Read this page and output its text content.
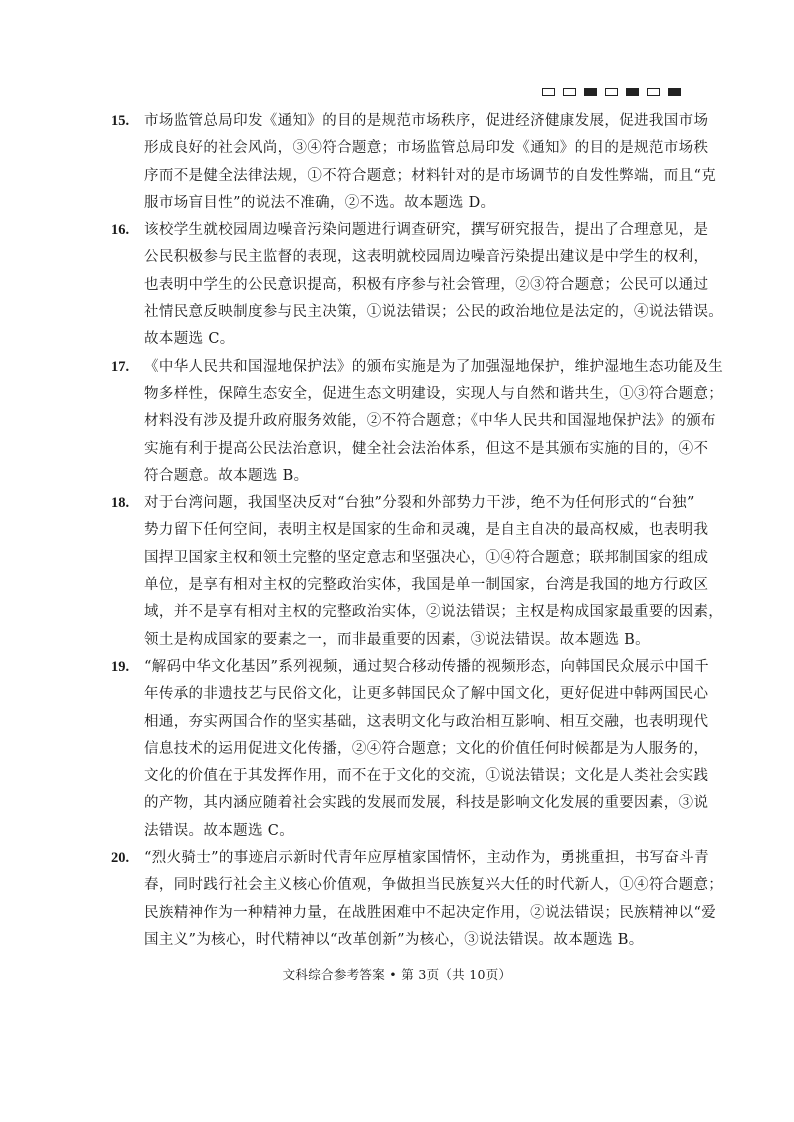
15.	市场监管总局印发《通知》的目的是规范市场秩序，促进经济健康发展，促进我国市场
形成良好的社会风尚，③④符合题意；市场监管总局印发《通知》的目的是规范市场秩
序而不是健全法律法规，①不符合题意；材料针对的是市场调节的自发性弊端，而且“克
服市场盲目性”的说法不准确，②不选。故本题选 D。
16.	该校学生就校园周边噪音污染问题进行调查研究，撰写研究报告，提出了合理意见，是
公民积极参与民主监督的表现，这表明就校园周边噪音污染提出建议是中学生的权利，
也表明中学生的公民意识提高，积极有序参与社会管理，②③符合题意；公民可以通过
社情民意反映制度参与民主决策，①说法错误；公民的政治地位是法定的，④说法错误。
故本题选 C。
17.	《中华人民共和国湿地保护法》的颁布实施是为了加强湿地保护，维护湿地生态功能及生
物多样性，保障生态安全，促进生态文明建设，实现人与自然和谐共生，①③符合题意；
材料没有涉及提升政府服务效能，②不符合题意；《中华人民共和国湿地保护法》的颁布
实施有利于提高公民法治意识，健全社会法治体系，但这不是其颁布实施的目的，④不
符合题意。故本题选 B。
18.	对于台湾问题，我国坚决反对“台独”分裂和外部势力干涉，绝不为任何形式的“台独”
势力留下任何空间，表明主权是国家的生命和灵魂，是自主自决的最高权威，也表明我
国捍卫国家主权和领土完整的坚定意志和坚强决心，①④符合题意；联邦制国家的组成
单位，是享有相对主权的完整政治实体，我国是单一制国家，台湾是我国的地方行政区
域，并不是享有相对主权的完整政治实体，②说法错误；主权是构成国家最重要的因素，
领土是构成国家的要素之一，而非最重要的因素，③说法错误。故本题选 B。
19.	“解码中华文化基因”系列视频，通过契合移动传播的视频形态，向韩国民众展示中国千
年传承的非遗技艺与民俗文化，让更多韩国民众了解中国文化，更好促进中韩两国民心
相通，夯实两国合作的坚实基础，这表明文化与政治相互影响、相互交融，也表明现代
信息技术的运用促进文化传播，②④符合题意；文化的价值任何时候都是为人服务的，
文化的价值在于其发挥作用，而不在于文化的交流，①说法错误；文化是人类社会实践
的产物，其内涵应随着社会实践的发展而发展，科技是影响文化发展的重要因素，③说
法错误。故本题选 C。
20.	“烈火骑士”的事迹启示新时代青年应厚植家国情怀，主动作为，勇挑重担，书写奋斗青
春，同时践行社会主义核心价值观，争做担当民族复兴大任的时代新人，①④符合题意；
民族精神作为一种精神力量，在战胜困难中不起决定作用，②说法错误；民族精神以“爱
国主义”为核心，时代精神以“改革创新”为核心，③说法错误。故本题选 B。
文科综合参考答案 • 第 3页（共 10页）
